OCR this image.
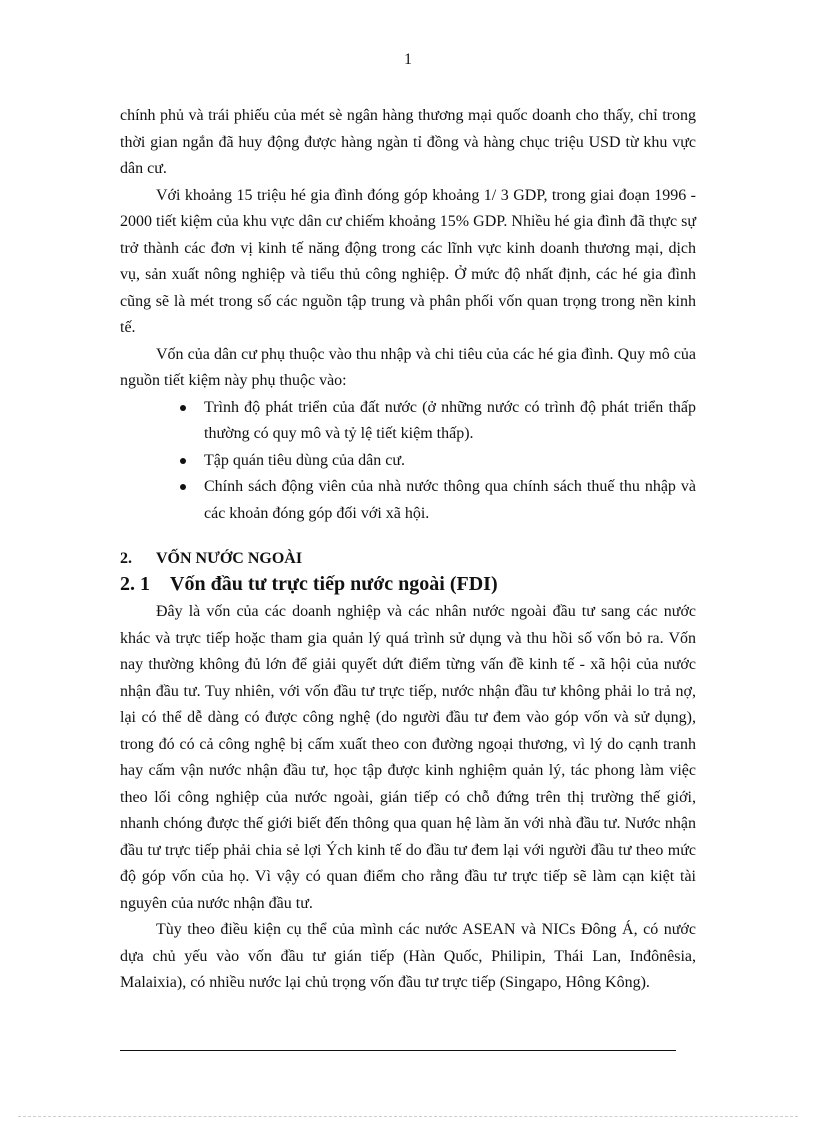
1

chính phủ và trái phiếu của mét sè ngân hàng thương mại quốc doanh cho thấy, chỉ trong thời gian ngắn đã huy động được hàng ngàn tỉ đồng và hàng chục triệu USD từ khu vực dân cư.

Với khoảng 15 triệu hé gia đình đóng góp khoảng 1/ 3 GDP, trong giai đoạn 1996 - 2000 tiết kiệm của khu vực dân cư chiếm khoảng 15% GDP. Nhiều hé gia đình đã thực sự trở thành các đơn vị kinh tế năng động trong các lĩnh vực kinh doanh thương mại, dịch vụ, sản xuất nông nghiệp và tiểu thủ công nghiệp. Ở mức độ nhất định, các hé gia đình cũng sẽ là mét trong số các nguồn tập trung và phân phối vốn quan trọng trong nền kinh tế.

Vốn của dân cư phụ thuộc vào thu nhập và chi tiêu của các hé gia đình. Quy mô của nguồn tiết kiệm này phụ thuộc vào:

Trình độ phát triển của đất nước (ở những nước có trình độ phát triển thấp thường có quy mô và tỷ lệ tiết kiệm thấp).
Tập quán tiêu dùng của dân cư.
Chính sách động viên của nhà nước thông qua chính sách thuế thu nhập và các khoản đóng góp đối với xã hội.
2. VỐN NƯỚC NGOÀI
2. 1 Vốn đầu tư trực tiếp nước ngoài (FDI)

Đây là vốn của các doanh nghiệp và các nhân nước ngoài đầu tư sang các nước khác và trực tiếp hoặc tham gia quản lý quá trình sử dụng và thu hồi số vốn bỏ ra. Vốn nay thường không đủ lớn để giải quyết dứt điểm từng vấn đề kinh tế - xã hội của nước nhận đầu tư. Tuy nhiên, với vốn đầu tư trực tiếp, nước nhận đầu tư không phải lo trả nợ, lại có thể dễ dàng có được công nghệ (do người đầu tư đem vào góp vốn và sử dụng), trong đó có cả công nghệ bị cấm xuất theo con đường ngoại thương, vì lý do cạnh tranh hay cấm vận nước nhận đầu tư, học tập được kinh nghiệm quản lý, tác phong làm việc theo lối công nghiệp của nước ngoài, gián tiếp có chỗ đứng trên thị trường thế giới, nhanh chóng được thế giới biết đến thông qua quan hệ làm ăn với nhà đầu tư. Nước nhận đầu tư trực tiếp phải chia sẻ lợi Ých kinh tế do đầu tư đem lại với người đầu tư theo mức độ góp vốn của họ. Vì vậy có quan điểm cho rằng đầu tư trực tiếp sẽ làm cạn kiệt tài nguyên của nước nhận đầu tư.

Tùy theo điều kiện cụ thể của mình các nước ASEAN và NICs Đông Á, có nước dựa chủ yếu vào vốn đầu tư gián tiếp (Hàn Quốc, Philipin, Thái Lan, Inđônêsia, Malaixia), có nhiều nước lại chủ trọng vốn đầu tư trực tiếp (Singapo, Hông Kông).
